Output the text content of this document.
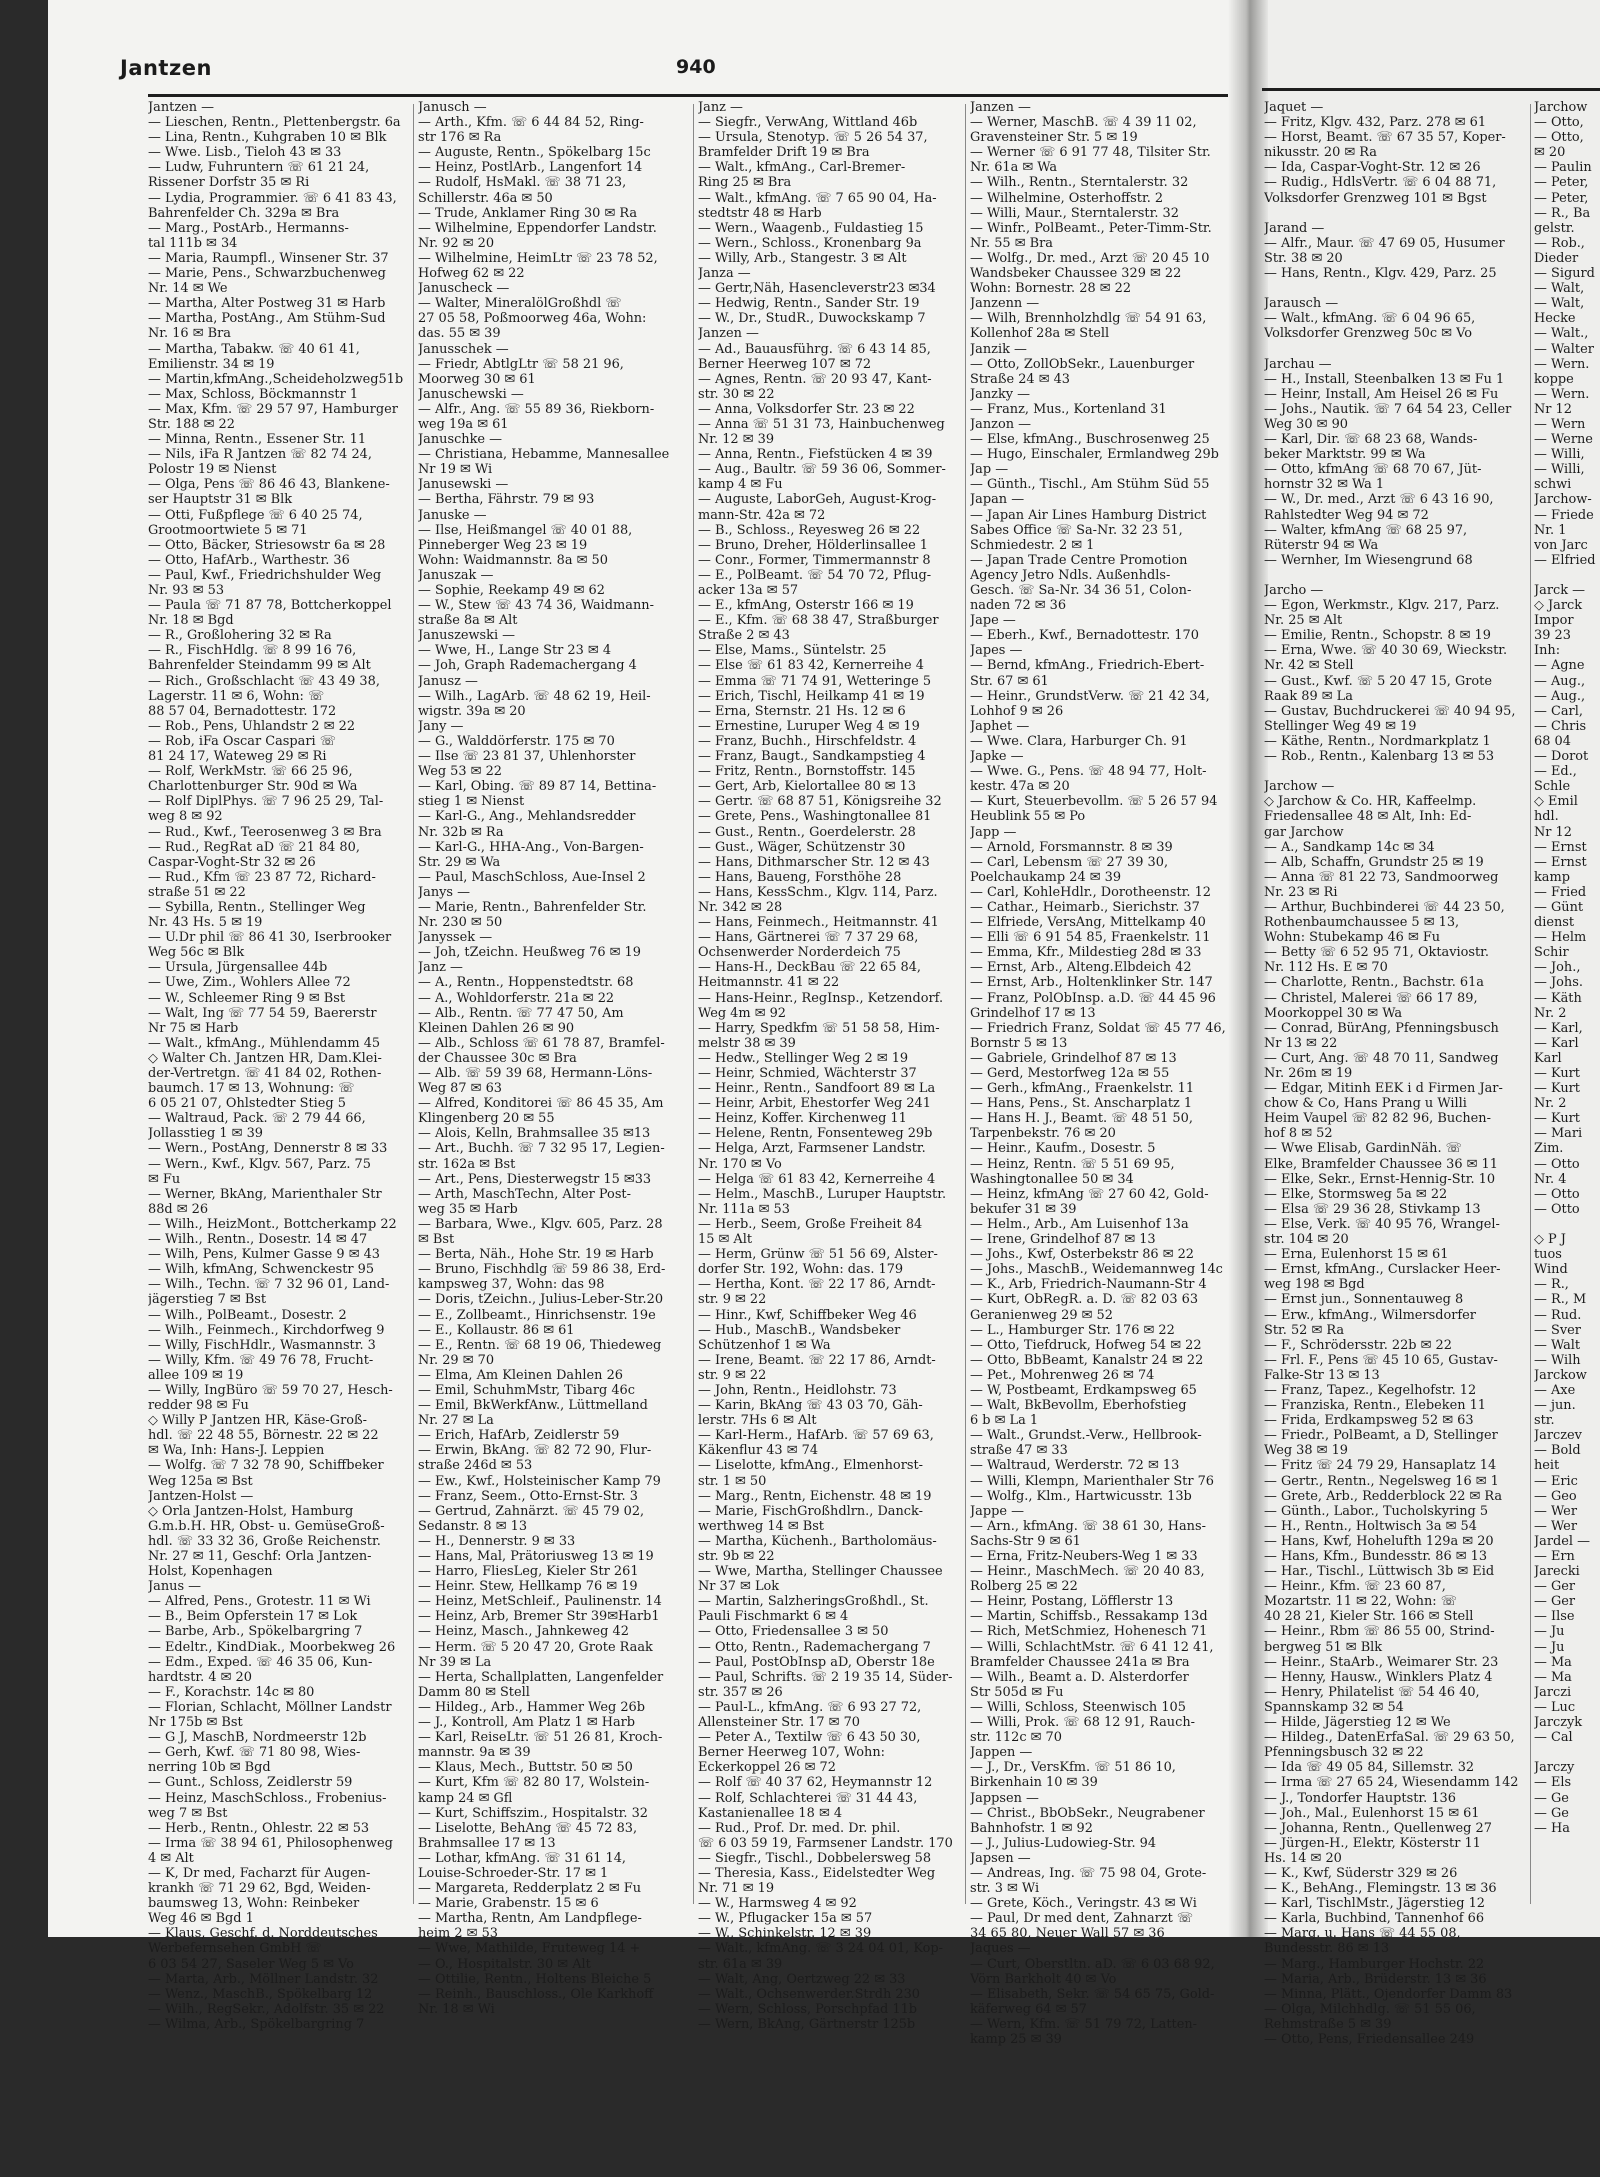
Jantzen	940
Jantzen —
— Lieschen, Rentn., Plettenbergstr. 6a
— Lina, Rentn., Kuhgraben 10 ✉ Blk
— Wwe. Lisb., Tieloh 43 ✉ 33
— Ludw, Fuhruntern ☏ 61 21 24,
Rissener Dorfstr 35 ✉ Ri
— Lydia, Programmier. ☏ 6 41 83 43,
Bahrenfelder Ch. 329a ✉ Bra
— Marg., PostArb., Hermanns-
tal 111b ✉ 34
— Maria, Raumpfl., Winsener Str. 37
— Marie, Pens., Schwarzbuchenweg
Nr. 14 ✉ We
— Martha, Alter Postweg 31 ✉ Harb
— Martha, PostAng., Am Stühm-Sud
Nr. 16 ✉ Bra
— Martha, Tabakw. ☏ 40 61 41,
Emilienstr. 34 ✉ 19
— Martin,kfmAng.,Scheideholzweg51b
— Max, Schloss, Böckmannstr 1
— Max, Kfm. ☏ 29 57 97, Hamburger
Str. 188 ✉ 22
— Minna, Rentn., Essener Str. 11
— Nils, iFa R Jantzen ☏ 82 74 24,
Polostr 19 ✉ Nienst
— Olga, Pens ☏ 86 46 43, Blankene-
ser Hauptstr 31 ✉ Blk
— Otti, Fußpflege ☏ 6 40 25 74,
Grootmoortwiete 5 ✉ 71
— Otto, Bäcker, Striesowstr 6a ✉ 28
— Otto, HafArb., Warthestr. 36
— Paul, Kwf., Friedrichshulder Weg
Nr. 93 ✉ 53
— Paula ☏ 71 87 78, Bottcherkoppel
Nr. 18 ✉ Bgd
— R., Großlohering 32 ✉ Ra
— R., FischHdlg. ☏ 8 99 16 76,
Bahrenfelder Steindamm 99 ✉ Alt
— Rich., Großschlacht ☏ 43 49 38,
Lagerstr. 11 ✉ 6, Wohn: ☏
88 57 04, Bernadottestr. 172
— Rob., Pens, Uhlandstr 2 ✉ 22
— Rob, iFa Oscar Caspari ☏
81 24 17, Wateweg 29 ✉ Ri
— Rolf, WerkMstr. ☏ 66 25 96,
Charlottenburger Str. 90d ✉ Wa
— Rolf DiplPhys. ☏ 7 96 25 29, Tal-
weg 8 ✉ 92
— Rud., Kwf., Teerosenweg 3 ✉ Bra
— Rud., RegRat aD ☏ 21 84 80,
Caspar-Voght-Str 32 ✉ 26
— Rud., Kfm ☏ 23 87 72, Richard-
straße 51 ✉ 22
— Sybilla, Rentn., Stellinger Weg
Nr. 43 Hs. 5 ✉ 19
— U.Dr phil ☏ 86 41 30, Iserbrooker
Weg 56c ✉ Blk
— Ursula, Jürgensallee 44b
— Uwe, Zim., Wohlers Allee 72
— W., Schleemer Ring 9 ✉ Bst
— Walt, Ing ☏ 77 54 59, Baererstr
Nr 75 ✉ Harb
— Walt., kfmAng., Mühlendamm 45
◇ Walter Ch. Jantzen HR, Dam.Klei-
der-Vertretgn. ☏ 41 84 02, Rothen-
baumch. 17 ✉ 13, Wohnung: ☏
6 05 21 07, Ohlstedter Stieg 5
— Waltraud, Pack. ☏ 2 79 44 66,
Jollasstieg 1 ✉ 39
— Wern., PostAng, Dennerstr 8 ✉ 33
— Wern., Kwf., Klgv. 567, Parz. 75
✉ Fu
— Werner, BkAng, Marienthaler Str
88d ✉ 26
— Wilh., HeizMont., Bottcherkamp 22
— Wilh., Rentn., Dosestr. 14 ✉ 47
— Wilh, Pens, Kulmer Gasse 9 ✉ 43
— Wilh, kfmAng, Schwenckestr 95
— Wilh., Techn. ☏ 7 32 96 01, Land-
jägerstieg 7 ✉ Bst
— Wilh., PolBeamt., Dosestr. 2
— Wilh., Feinmech., Kirchdorfweg 9
— Willy, FischHdlr., Wasmannstr. 3
— Willy, Kfm. ☏ 49 76 78, Frucht-
allee 109 ✉ 19
— Willy, IngBüro ☏ 59 70 27, Hesch-
redder 98 ✉ Fu
◇ Willy P Jantzen HR, Käse-Groß-
hdl. ☏ 22 48 55, Börnestr. 22 ✉ 22
✉ Wa, Inh: Hans-J. Leppien
— Wolfg. ☏ 7 32 78 90, Schiffbeker
Weg 125a ✉ Bst
Jantzen-Holst —
◇ Orla Jantzen-Holst, Hamburg
G.m.b.H. HR, Obst- u. GemüseGroß-
hdl. ☏ 33 32 36, Große Reichenstr.
Nr. 27 ✉ 11, Geschf: Orla Jantzen-
Holst, Kopenhagen
Janus —
— Alfred, Pens., Grotestr. 11 ✉ Wi
— B., Beim Opferstein 17 ✉ Lok
— Barbe, Arb., Spökelbargring 7
— Edeltr., KindDiak., Moorbekweg 26
— Edm., Exped. ☏ 46 35 06, Kun-
hardtstr. 4 ✉ 20
— F., Korachstr. 14c ✉ 80
— Florian, Schlacht, Möllner Landstr
Nr 175b ✉ Bst
— G J, MaschB, Nordmeerstr 12b
— Gerh, Kwf. ☏ 71 80 98, Wies-
nerring 10b ✉ Bgd
— Gunt., Schloss, Zeidlerstr 59
— Heinz, MaschSchloss., Frobenius-
weg 7 ✉ Bst
— Herb., Rentn., Ohlestr. 22 ✉ 53
— Irma ☏ 38 94 61, Philosophenweg
4 ✉ Alt
— K, Dr med, Facharzt für Augen-
krankh ☏ 71 29 62, Bgd, Weiden-
baumsweg 13, Wohn: Reinbeker
Weg 46 ✉ Bgd 1
— Klaus, Geschf. d. Norddeutsches
Werbefernsehen GmbH ☏
6 03 54 27, Saseler Weg 5 ✉ Vo
— Marta, Arb., Möllner Landstr. 32
— Wenz., MaschB., Spökelbarg 12
— Wilh., RegSekr., Adolfstr. 35 ✉ 22
— Wilma, Arb., Spökelbargring 7
Janusch —
— Arth., Kfm. ☏ 6 44 84 52, Ring-
str 176 ✉ Ra
— Auguste, Rentn., Spökelbarg 15c
— Heinz, PostlArb., Langenfort 14
— Rudolf, HsMakl. ☏ 38 71 23,
Schillerstr. 46a ✉ 50
— Trude, Anklamer Ring 30 ✉ Ra
— Wilhelmine, Eppendorfer Landstr.
Nr. 92 ✉ 20
— Wilhelmine, HeimLtr ☏ 23 78 52,
Hofweg 62 ✉ 22
Januscheck —
— Walter, MineralölGroßhdl ☏
27 05 58, Poßmoorweg 46a, Wohn:
das. 55 ✉ 39
Janusschek —
— Friedr, AbtlgLtr ☏ 58 21 96,
Moorweg 30 ✉ 61
Januschewski —
— Alfr., Ang. ☏ 55 89 36, Riekborn-
weg 19a ✉ 61
Januschke —
— Christiana, Hebamme, Mannesallee
Nr 19 ✉ Wi
Janusewski —
— Bertha, Fährstr. 79 ✉ 93
Januske —
— Ilse, Heißmangel ☏ 40 01 88,
Pinneberger Weg 23 ✉ 19
Wohn: Waidmannstr. 8a ✉ 50
Januszak —
— Sophie, Reekamp 49 ✉ 62
— W., Stew ☏ 43 74 36, Waidmann-
straße 8a ✉ Alt
Januszewski —
— Wwe, H., Lange Str 23 ✉ 4
— Joh, Graph Rademachergang 4
Janusz —
— Wilh., LagArb. ☏ 48 62 19, Heil-
wigstr. 39a ✉ 20
Jany —
— G., Walddörferstr. 175 ✉ 70
— Ilse ☏ 23 81 37, Uhlenhorster
Weg 53 ✉ 22
— Karl, Obing. ☏ 89 87 14, Bettina-
stieg 1 ✉ Nienst
— Karl-G., Ang., Mehlandsredder
Nr. 32b ✉ Ra
— Karl-G., HHA-Ang., Von-Bargen-
Str. 29 ✉ Wa
— Paul, MaschSchloss, Aue-Insel 2
Janys —
— Marie, Rentn., Bahrenfelder Str.
Nr. 230 ✉ 50
Janyssek —
— Joh, tZeichn. Heußweg 76 ✉ 19
Janz —
— A., Rentn., Hoppenstedtstr. 68
— A., Wohldorferstr. 21a ✉ 22
— Alb., Rentn. ☏ 77 47 50, Am
Kleinen Dahlen 26 ✉ 90
— Alb., Schloss ☏ 61 78 87, Bramfel-
der Chaussee 30c ✉ Bra
— Alb. ☏ 59 39 68, Hermann-Löns-
Weg 87 ✉ 63
— Alfred, Konditorei ☏ 86 45 35, Am
Klingenberg 20 ✉ 55
— Alois, Kelln, Brahmsallee 35 ✉13
— Art., Buchh. ☏ 7 32 95 17, Legien-
str. 162a ✉ Bst
— Art., Pens, Diesterwegstr 15 ✉33
— Arth, MaschTechn, Alter Post-
weg 35 ✉ Harb
— Barbara, Wwe., Klgv. 605, Parz. 28
✉ Bst
— Berta, Näh., Hohe Str. 19 ✉ Harb
— Bruno, Fischhdlg ☏ 59 86 38, Erd-
kampsweg 37, Wohn: das 98
— Doris, tZeichn., Julius-Leber-Str.20
— E., Zollbeamt., Hinrichsenstr. 19e
— E., Kollaustr. 86 ✉ 61
— E., Rentn. ☏ 68 19 06, Thiedeweg
Nr. 29 ✉ 70
— Elma, Am Kleinen Dahlen 26
— Emil, SchuhmMstr, Tibarg 46c
— Emil, BkWerkfAnw., Lüttmelland
Nr. 27 ✉ La
— Erich, HafArb, Zeidlerstr 59
— Erwin, BkAng. ☏ 82 72 90, Flur-
straße 246d ✉ 53
— Ew., Kwf., Holsteinischer Kamp 79
— Franz, Seem., Otto-Ernst-Str. 3
— Gertrud, Zahnärzt. ☏ 45 79 02,
Sedanstr. 8 ✉ 13
— H., Dennerstr. 9 ✉ 33
— Hans, Mal, Prätoriusweg 13 ✉ 19
— Harro, FliesLeg, Kieler Str 261
— Heinr. Stew, Hellkamp 76 ✉ 19
— Heinz, MetSchleif., Paulinenstr. 14
— Heinz, Arb, Bremer Str 39✉Harb1
— Heinz, Masch., Jahnkeweg 42
— Herm. ☏ 5 20 47 20, Grote Raak
Nr 39 ✉ La
— Herta, Schallplatten, Langenfelder
Damm 80 ✉ Stell
— Hildeg., Arb., Hammer Weg 26b
— J., Kontroll, Am Platz 1 ✉ Harb
— Karl, ReiseLtr. ☏ 51 26 81, Kroch-
mannstr. 9a ✉ 39
— Klaus, Mech., Buttstr. 50 ✉ 50
— Kurt, Kfm ☏ 82 80 17, Wolstein-
kamp 24 ✉ Gfl
— Kurt, Schiffszim., Hospitalstr. 32
— Liselotte, BehAng ☏ 45 72 83,
Brahmsallee 17 ✉ 13
— Lothar, kfmAng. ☏ 31 61 14,
Louise-Schroeder-Str. 17 ✉ 1
— Margareta, Redderplatz 2 ✉ Fu
— Marie, Grabenstr. 15 ✉ 6
— Martha, Rentn, Am Landpflege-
heim 2 ✉ 53
— Wwe, Mathilde, Fruteweg 14 +
— O., Hospitalstr. 30 ✉ Alt
— Ottilie, Rentn., Holtens Bleiche 5
— Reinh., Bauschloss., Ole Karkhoff
Nr. 18 ✉ Wi
Janz —
— Siegfr., VerwAng, Wittland 46b
— Ursula, Stenotyp. ☏ 5 26 54 37,
Bramfelder Drift 19 ✉ Bra
— Walt., kfmAng., Carl-Bremer-
Ring 25 ✉ Bra
— Walt., kfmAng. ☏ 7 65 90 04, Ha-
stedtstr 48 ✉ Harb
— Wern., Waagenb., Fuldastieg 15
— Wern., Schloss., Kronenbarg 9a
— Willy, Arb., Stangestr. 3 ✉ Alt
Janza —
— Gertr,Näh, Hasencleverstr23 ✉34
— Hedwig, Rentn., Sander Str. 19
— W., Dr., StudR., Duwockskamp 7
Janzen —
— Ad., Bauausführg. ☏ 6 43 14 85,
Berner Heerweg 107 ✉ 72
— Agnes, Rentn. ☏ 20 93 47, Kant-
str. 30 ✉ 22
— Anna, Volksdorfer Str. 23 ✉ 22
— Anna ☏ 51 31 73, Hainbuchenweg
Nr. 12 ✉ 39
— Anna, Rentn., Fiefstücken 4 ✉ 39
— Aug., Baultr. ☏ 59 36 06, Sommer-
kamp 4 ✉ Fu
— Auguste, LaborGeh, August-Krog-
mann-Str. 42a ✉ 72
— B., Schloss., Reyesweg 26 ✉ 22
— Bruno, Dreher, Hölderlinsallee 1
— Conr., Former, Timmermannstr 8
— E., PolBeamt. ☏ 54 70 72, Pflug-
acker 13a ✉ 57
— E., kfmAng, Osterstr 166 ✉ 19
— E., Kfm. ☏ 68 38 47, Straßburger
Straße 2 ✉ 43
— Else, Mams., Süntelstr. 25
— Else ☏ 61 83 42, Kernerreihe 4
— Emma ☏ 71 74 91, Wetteringe 5
— Erich, Tischl, Heilkamp 41 ✉ 19
— Erna, Sternstr. 21 Hs. 12 ✉ 6
— Ernestine, Luruper Weg 4 ✉ 19
— Franz, Buchh., Hirschfeldstr. 4
— Franz, Baugt., Sandkampstieg 4
— Fritz, Rentn., Bornstoffstr. 145
— Gert, Arb, Kielortallee 80 ✉ 13
— Gertr. ☏ 68 87 51, Königsreihe 32
— Grete, Pens., Washingtonallee 81
— Gust., Rentn., Goerdelerstr. 28
— Gust., Wäger, Schützenstr 30
— Hans, Dithmarscher Str. 12 ✉ 43
— Hans, Baueng, Forsthöhe 28
— Hans, KessSchm., Klgv. 114, Parz.
Nr. 342 ✉ 28
— Hans, Feinmech., Heitmannstr. 41
— Hans, Gärtnerei ☏ 7 37 29 68,
Ochsenwerder Norderdeich 75
— Hans-H., DeckBau ☏ 22 65 84,
Heitmannstr. 41 ✉ 22
— Hans-Heinr., RegInsp., Ketzendorf.
Weg 4m ✉ 92
— Harry, Spedkfm ☏ 51 58 58, Him-
melstr 38 ✉ 39
— Hedw., Stellinger Weg 2 ✉ 19
— Heinr, Schmied, Wächterstr 37
— Heinr., Rentn., Sandfoort 89 ✉ La
— Heinr, Arbit, Ehestorfer Weg 241
— Heinz, Koffer. Kirchenweg 11
— Helene, Rentn, Fonsenteweg 29b
— Helga, Arzt, Farmsener Landstr.
Nr. 170 ✉ Vo
— Helga ☏ 61 83 42, Kernerreihe 4
— Helm., MaschB., Luruper Hauptstr.
Nr. 111a ✉ 53
— Herb., Seem, Große Freiheit 84
15 ✉ Alt
— Herm, Grünw ☏ 51 56 69, Alster-
dorfer Str. 192, Wohn: das. 179
— Hertha, Kont. ☏ 22 17 86, Arndt-
str. 9 ✉ 22
— Hinr., Kwf, Schiffbeker Weg 46
— Hub., MaschB., Wandsbeker
Schützenhof 1 ✉ Wa
— Irene, Beamt. ☏ 22 17 86, Arndt-
str. 9 ✉ 22
— John, Rentn., Heidlohstr. 73
— Karin, BkAng ☏ 43 03 70, Gäh-
lerstr. 7Hs 6 ✉ Alt
— Karl-Herm., HafArb. ☏ 57 69 63,
Käkenflur 43 ✉ 74
— Liselotte, kfmAng., Elmenhorst-
str. 1 ✉ 50
— Marg., Rentn, Eichenstr. 48 ✉ 19
— Marie, FischGroßhdlrn., Danck-
werthweg 14 ✉ Bst
— Martha, Küchenh., Bartholomäus-
str. 9b ✉ 22
— Wwe, Martha, Stellinger Chaussee
Nr 37 ✉ Lok
— Martin, SalzheringsGroßhdl., St.
Pauli Fischmarkt 6 ✉ 4
— Otto, Friedensallee 3 ✉ 50
— Otto, Rentn., Rademachergang 7
— Paul, PostObInsp aD, Oberstr 18e
— Paul, Schrifts. ☏ 2 19 35 14, Süder-
str. 357 ✉ 26
— Paul-L., kfmAng. ☏ 6 93 27 72,
Allensteiner Str. 17 ✉ 70
— Peter A., Textilw ☏ 6 43 50 30,
Berner Heerweg 107, Wohn:
Eckerkoppel 26 ✉ 72
— Rolf ☏ 40 37 62, Heymannstr 12
— Rolf, Schlachterei ☏ 31 44 43,
Kastanienallee 18 ✉ 4
— Rud., Prof. Dr. med. Dr. phil.
☏ 6 03 59 19, Farmsener Landstr. 170
— Siegfr., Tischl., Dobbelersweg 58
— Theresia, Kass., Eidelstedter Weg
Nr. 71 ✉ 19
— W., Harmsweg 4 ✉ 92
— W., Pflugacker 15a ✉ 57
— W., Schinkelstr. 12 ✉ 39
— Walt., kfmAng. ☏ 3 24 04 01, Kop-
str. 61a ✉ 39
— Walt, Ang, Oertzweg 22 ✉ 33
— Walt., Ochsenwerder.Strdh 230
— Wern, Schloss, Porschpfad 11b
— Wern, BkAng, Gärtnerstr 125b
Janzen —
— Werner, MaschB. ☏ 4 39 11 02,
Gravensteiner Str. 5 ✉ 19
— Werner ☏ 6 91 77 48, Tilsiter Str.
Nr. 61a ✉ Wa
— Wilh., Rentn., Sterntalerstr. 32
— Wilhelmine, Osterhoffstr. 2
— Willi, Maur., Sterntalerstr. 32
— Winfr., PolBeamt., Peter-Timm-Str.
Nr. 55 ✉ Bra
— Wolfg., Dr. med., Arzt ☏ 20 45 10
Wandsbeker Chaussee 329 ✉ 22
Wohn: Bornestr. 28 ✉ 22
Janzenn —
— Wilh, Brennholzhdlg ☏ 54 91 63,
Kollenhof 28a ✉ Stell
Janzik —
— Otto, ZollObSekr., Lauenburger
Straße 24 ✉ 43
Janzky —
— Franz, Mus., Kortenland 31
Janzon —
— Else, kfmAng., Buschrosenweg 25
— Hugo, Einschaler, Ermlandweg 29b
Jap —
— Günth., Tischl., Am Stühm Süd 55
Japan —
— Japan Air Lines Hamburg District
Sabes Office ☏ Sa-Nr. 32 23 51,
Schmiedestr. 2 ✉ 1
— Japan Trade Centre Promotion
Agency Jetro Ndls. Außenhdls-
Gesch. ☏ Sa-Nr. 34 36 51, Colon-
naden 72 ✉ 36
Jape —
— Eberh., Kwf., Bernadottestr. 170
Japes —
— Bernd, kfmAng., Friedrich-Ebert-
Str. 67 ✉ 61
— Heinr., GrundstVerw. ☏ 21 42 34,
Lohhof 9 ✉ 26
Japhet —
— Wwe. Clara, Harburger Ch. 91
Japke —
— Wwe. G., Pens. ☏ 48 94 77, Holt-
kestr. 47a ✉ 20
— Kurt, Steuerbevollm. ☏ 5 26 57 94
Heublink 55 ✉ Po
Japp —
— Arnold, Forsmannstr. 8 ✉ 39
— Carl, Lebensm ☏ 27 39 30,
Poelchaukamp 24 ✉ 39
— Carl, KohleHdlr., Dorotheenstr. 12
— Cathar., Heimarb., Sierichstr. 37
— Elfriede, VersAng, Mittelkamp 40
— Elli ☏ 6 91 54 85, Fraenkelstr. 11
— Emma, Kfr., Mildestieg 28d ✉ 33
— Ernst, Arb., Alteng.Elbdeich 42
— Ernst, Arb., Holtenklinker Str. 147
— Franz, PolObInsp. a.D. ☏ 44 45 96
Grindelhof 17 ✉ 13
— Friedrich Franz, Soldat ☏ 45 77 46,
Bornstr 5 ✉ 13
— Gabriele, Grindelhof 87 ✉ 13
— Gerd, Mestorfweg 12a ✉ 55
— Gerh., kfmAng., Fraenkelstr. 11
— Hans, Pens., St. Anscharplatz 1
— Hans H. J., Beamt. ☏ 48 51 50,
Tarpenbekstr. 76 ✉ 20
— Heinr., Kaufm., Dosestr. 5
— Heinz, Rentn. ☏ 5 51 69 95,
Washingtonallee 50 ✉ 34
— Heinz, kfmAng ☏ 27 60 42, Gold-
bekufer 31 ✉ 39
— Helm., Arb., Am Luisenhof 13a
— Irene, Grindelhof 87 ✉ 13
— Johs., Kwf, Osterbekstr 86 ✉ 22
— Johs., MaschB., Weidemannweg 14c
— K., Arb, Friedrich-Naumann-Str 4
— Kurt, ObRegR. a. D. ☏ 82 03 63
Geranienweg 29 ✉ 52
— L., Hamburger Str. 176 ✉ 22
— Otto, Tiefdruck, Hofweg 54 ✉ 22
— Otto, BbBeamt, Kanalstr 24 ✉ 22
— Pet., Mohrenweg 26 ✉ 74
— W, Postbeamt, Erdkampsweg 65
— Walt, BkBevollm, Eberhofstieg
6 b ✉ La 1
— Walt., Grundst.-Verw., Hellbrook-
straße 47 ✉ 33
— Waltraud, Werderstr. 72 ✉ 13
— Willi, Klempn, Marienthaler Str 76
— Wolfg., Klm., Hartwicusstr. 13b
Jappe —
— Arn., kfmAng. ☏ 38 61 30, Hans-
Sachs-Str 9 ✉ 61
— Erna, Fritz-Neubers-Weg 1 ✉ 33
— Heinr., MaschMech. ☏ 20 40 83,
Rolberg 25 ✉ 22
— Heinr, Postang, Löfflerstr 13
— Martin, Schiffsb., Ressakamp 13d
— Rich, MetSchmiez, Hohenesch 71
— Willi, SchlachtMstr. ☏ 6 41 12 41,
Bramfelder Chaussee 241a ✉ Bra
— Wilh., Beamt a. D. Alsterdorfer
Str 505d ✉ Fu
— Willi, Schloss, Steenwisch 105
— Willi, Prok. ☏ 68 12 91, Rauch-
str. 112c ✉ 70
Jappen —
— J., Dr., VersKfm. ☏ 51 86 10,
Birkenhain 10 ✉ 39
Jappsen —
— Christ., BbObSekr., Neugrabener
Bahnhofstr. 1 ✉ 92
— J., Julius-Ludowieg-Str. 94
Japsen —
— Andreas, Ing. ☏ 75 98 04, Grote-
str. 3 ✉ Wi
— Grete, Köch., Veringstr. 43 ✉ Wi
— Paul, Dr med dent, Zahnarzt ☏
34 65 80, Neuer Wall 57 ✉ 36
Jaques —
— Curt, Oberstltn. aD. ☏ 6 03 68 92,
Vörn Barkholt 40 ✉ Vo
— Elisabeth, Sekr. ☏ 54 65 75, Gold-
käferweg 64 ✉ 57
— Wern, Kfm. ☏ 51 79 72, Latten-
kamp 25 ✉ 39
Jaquet —
— Fritz, Klgv. 432, Parz. 278 ✉ 61
— Horst, Beamt. ☏ 67 35 57, Koper-
nikusstr. 20 ✉ Ra
— Ida, Caspar-Voght-Str. 12 ✉ 26
— Rudig., HdlsVertr. ☏ 6 04 88 71,
Volksdorfer Grenzweg 101 ✉ Bgst
Jarand —
— Alfr., Maur. ☏ 47 69 05, Husumer
Str. 38 ✉ 20
— Hans, Rentn., Klgv. 429, Parz. 25
Jarausch —
— Walt., kfmAng. ☏ 6 04 96 65,
Volksdorfer Grenzweg 50c ✉ Vo
Jarchau —
— H., Install, Steenbalken 13 ✉ Fu 1
— Heinr, Install, Am Heisel 26 ✉ Fu
— Johs., Nautik. ☏ 7 64 54 23, Celler
Weg 30 ✉ 90
— Karl, Dir. ☏ 68 23 68, Wands-
beker Marktstr. 99 ✉ Wa
— Otto, kfmAng ☏ 68 70 67, Jüt-
hornstr 32 ✉ Wa 1
— W., Dr. med., Arzt ☏ 6 43 16 90,
Rahlstedter Weg 94 ✉ 72
— Walter, kfmAng ☏ 68 25 97,
Rüterstr 94 ✉ Wa
— Wernher, Im Wiesengrund 68
Jarcho —
— Egon, Werkmstr., Klgv. 217, Parz.
Nr. 25 ✉ Alt
— Emilie, Rentn., Schopstr. 8 ✉ 19
— Erna, Wwe. ☏ 40 30 69, Wieckstr.
Nr. 42 ✉ Stell
— Gust., Kwf. ☏ 5 20 47 15, Grote
Raak 89 ✉ La
— Gustav, Buchdruckerei ☏ 40 94 95,
Stellinger Weg 49 ✉ 19
— Käthe, Rentn., Nordmarkplatz 1
— Rob., Rentn., Kalenbarg 13 ✉ 53
Jarchow —
◇ Jarchow & Co. HR, Kaffeelmp.
Friedensallee 48 ✉ Alt, Inh: Ed-
gar Jarchow
— A., Sandkamp 14c ✉ 34
— Alb, Schaffn, Grundstr 25 ✉ 19
— Anna ☏ 81 22 73, Sandmoorweg
Nr. 23 ✉ Ri
— Arthur, Buchbinderei ☏ 44 23 50,
Rothenbaumchaussee 5 ✉ 13,
Wohn: Stubekamp 46 ✉ Fu
— Betty ☏ 6 52 95 71, Oktaviostr.
Nr. 112 Hs. E ✉ 70
— Charlotte, Rentn., Bachstr. 61a
— Christel, Malerei ☏ 66 17 89,
Moorkoppel 30 ✉ Wa
— Conrad, BürAng, Pfenningsbusch
Nr 13 ✉ 22
— Curt, Ang. ☏ 48 70 11, Sandweg
Nr. 26m ✉ 19
— Edgar, Mitinh EEK i d Firmen Jar-
chow & Co, Hans Prang u Willi
Heim Vaupel ☏ 82 82 96, Buchen-
hof 8 ✉ 52
— Wwe Elisab, GardinNäh. ☏
Elke, Bramfelder Chaussee 36 ✉ 11
— Elke, Sekr., Ernst-Hennig-Str. 10
— Elke, Stormsweg 5a ✉ 22
— Elsa ☏ 29 36 28, Stivkamp 13
— Else, Verk. ☏ 40 95 76, Wrangel-
str. 104 ✉ 20
— Erna, Eulenhorst 15 ✉ 61
— Ernst, kfmAng., Curslacker Heer-
weg 198 ✉ Bgd
— Ernst jun., Sonnentauweg 8
— Erw., kfmAng., Wilmersdorfer
Str. 52 ✉ Ra
— F., Schrödersstr. 22b ✉ 22
— Frl. F., Pens ☏ 45 10 65, Gustav-
Falke-Str 13 ✉ 13
— Franz, Tapez., Kegelhofstr. 12
— Franziska, Rentn., Elebeken 11
— Frida, Erdkampsweg 52 ✉ 63
— Friedr., PolBeamt, a D, Stellinger
Weg 38 ✉ 19
— Fritz ☏ 24 79 29, Hansaplatz 14
— Gertr., Rentn., Negelsweg 16 ✉ 1
— Grete, Arb., Redderblock 22 ✉ Ra
— Günth., Labor., Tucholskyring 5
— H., Rentn., Holtwisch 3a ✉ 54
— Hans, Kwf, Hohelufth 129a ✉ 20
— Hans, Kfm., Bundesstr. 86 ✉ 13
— Har., Tischl., Lüttwisch 3b ✉ Eid
— Heinr., Kfm. ☏ 23 60 87,
Mozartstr. 11 ✉ 22, Wohn: ☏
40 28 21, Kieler Str. 166 ✉ Stell
— Heinr., Rbm ☏ 86 55 00, Strind-
bergweg 51 ✉ Blk
— Heinr., StaArb., Weimarer Str. 23
— Henny, Hausw., Winklers Platz 4
— Henry, Philatelist ☏ 54 46 40,
Spannskamp 32 ✉ 54
— Hilde, Jägerstieg 12 ✉ We
— Hildeg., DatenErfaSal. ☏ 29 63 50,
Pfenningsbusch 32 ✉ 22
— Ida ☏ 49 05 84, Sillemstr. 32
— Irma ☏ 27 65 24, Wiesendamm 142
— J., Tondorfer Hauptstr. 136
— Joh., Mal., Eulenhorst 15 ✉ 61
— Johanna, Rentn., Quellenweg 27
— Jürgen-H., Elektr, Kösterstr 11
Hs. 14 ✉ 20
— K., Kwf, Süderstr 329 ✉ 26
— K., BehAng., Flemingstr. 13 ✉ 36
— Karl, TischlMstr., Jägerstieg 12
— Karla, Buchbind, Tannenhof 66
— Marg. u. Hans ☏ 44 55 08,
Bundesstr. 86 ✉ 13
— Marg., Hamburger Hochstr. 22
— Maria, Arb., Brüderstr. 13 ✉ 36
— Minna, Plätt., Ojendorfer Damm 83
— Olga, Milchhdlg. ☏ 51 55 06,
Rehmstraße 5 ✉ 39
— Otto, Pens, Friedensallee 249
Jarchow
— Otto,
— Otto,
✉ 20
— Paulin
— Peter,
— Peter,
— R., Ba
gelstr.
— Rob.,
Dieder
— Sigurd
— Walt,
— Walt,
Hecke
— Walt.,
— Walter
— Wern.
koppe
— Wern.
Nr 12
— Wern
— Werne
— Willi,
— Willi,
schwi
Jarchow-
— Friede
Nr. 1
von Jarc
— Elfried
Jarck —
◇ Jarck
Impor
39 23
Inh:
— Agne
— Aug.,
— Aug.,
— Carl,
— Chris
68 04
— Dorot
— Ed.,
Schle
◇ Emil
hdl.
Nr 12
— Ernst
— Ernst
kamp
— Fried
— Günt
dienst
— Helm
Schir
— Joh.,
— Johs.
— Käth
Nr. 2
— Karl,
— Karl
Karl
— Kurt
— Kurt
Nr. 2
— Kurt
— Mari
Zim.
— Otto
Nr. 4
— Otto
— Otto
◇ P J
tuos
Wind
— R.,
— R., M
— Rud.
— Sver
— Walt
— Wilh
Jarckow
— Axe
— jun.
str.
Jarczev
— Bold
heit
— Eric
— Geo
— Wer
— Wer
Jardel —
— Ern
Jarecki
— Ger
— Ger
— Ilse
— Ju
— Ju
— Ma
— Ma
Jarczi
— Luc
Jarczyk
— Cal
Jarczy
— Els
— Ge
— Ge
— Ha
